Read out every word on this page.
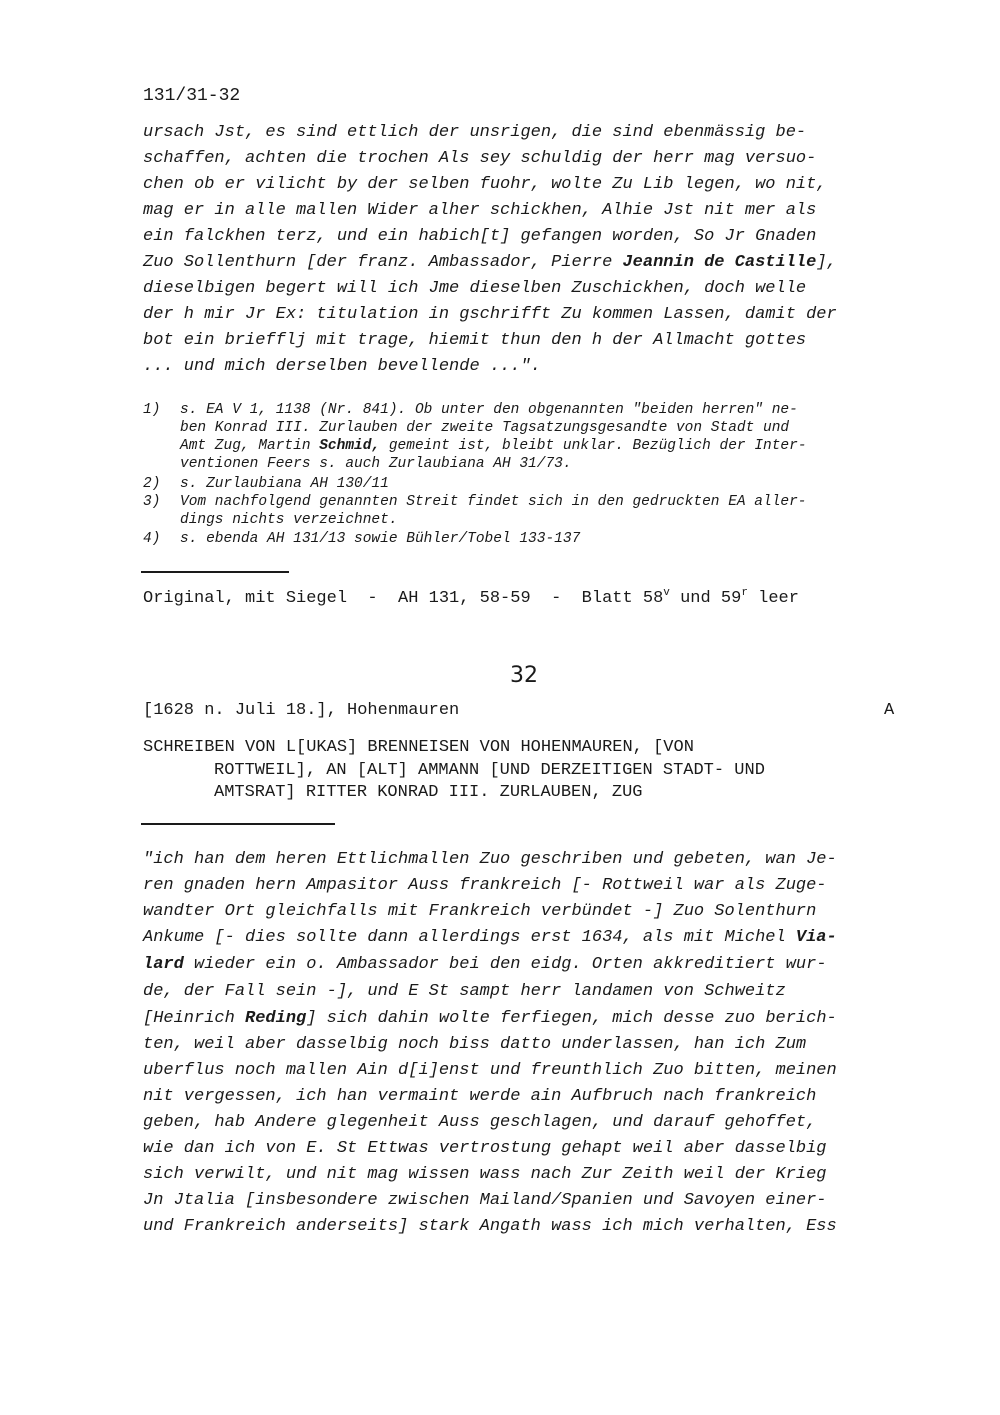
131/31-32
ursach Jst, es sind ettlich der unsrigen, die sind ebenmässig be-
schaffen, achten die trochen Als sey schuldig der herr mag versuo-
chen ob er vilicht by der selben fuohr, wolte Zu Lib legen, wo nit,
mag er in alle mallen Wider alher schickhen, Alhie Jst nit mer als
ein falckhen terz, und ein habich[t] gefangen worden, So Jr Gnaden
Zuo Sollenthurn [der franz. Ambassador, Pierre Jeannin de Castille],
dieselbigen begert will ich Jme dieselben Zuschickhen, doch welle
der h mir Jr Ex: titulation in gschrifft Zu kommen Lassen, damit der
bot ein briefflj mit trage, hiemit thun den h der Allmacht gottes
... und mich derselben bevellende ...".
1) s. EA V 1, 1138 (Nr. 841). Ob unter den obgenannten "beiden herren" ne-
ben Konrad III. Zurlauben der zweite Tagsatzungsgesandte von Stadt und
Amt Zug, Martin Schmid, gemeint ist, bleibt unklar. Bezüglich der Inter-
ventionen Feers s. auch Zurlaubiana AH 31/73.
2) s. Zurlaubiana AH 130/11
3) Vom nachfolgend genannten Streit findet sich in den gedruckten EA aller-
dings nichts verzeichnet.
4) s. ebenda AH 131/13 sowie Bühler/Tobel 133-137
Original, mit Siegel  -  AH 131, 58-59  -  Blatt 58$^v$ und 59$^r$ leer
32
[1628 n. Juli 18.], Hohenmauren	A
SCHREIBEN VON L[UKAS] BRENNEISEN VON HOHENMAUREN, [VON
ROTTWEIL], AN [ALT] AMMANN [UND DERZEITIGEN STADT- UND
AMTSRAT] RITTER KONRAD III. ZURLAUBEN, ZUG
"ich han dem heren Ettlichmallen Zuo geschriben und gebeten, wan Je-
ren gnaden hern Ampasitor Auss frankreich [- Rottweil war als Zuge-
wandter Ort gleichfalls mit Frankreich verbündet -] Zuo Solenthurn
Ankume [- dies sollte dann allerdings erst 1634, als mit Michel Via-
lard wieder ein o. Ambassador bei den eidg. Orten akkreditiert wur-
de, der Fall sein -], und E St sampt herr landamen von Schweitz
[Heinrich Reding] sich dahin wolte ferfiegen, mich desse zuo berich-
ten, weil aber dasselbig noch biss datto underlassen, han ich Zum
uberflus noch mallen Ain d[i]enst und freunthlich Zuo bitten, meinen
nit vergessen, ich han vermaint werde ain Aufbruch nach frankreich
geben, hab Andere glegenheit Auss geschlagen, und darauf gehoffet,
wie dan ich von E. St Ettwas vertrostung gehapt weil aber dasselbig
sich verwilt, und nit mag wissen wass nach Zur Zeith weil der Krieg
Jn Jtalia [insbesondere zwischen Mailand/Spanien und Savoyen einer-
und Frankreich anderseits] stark Angath wass ich mich verhalten, Ess
